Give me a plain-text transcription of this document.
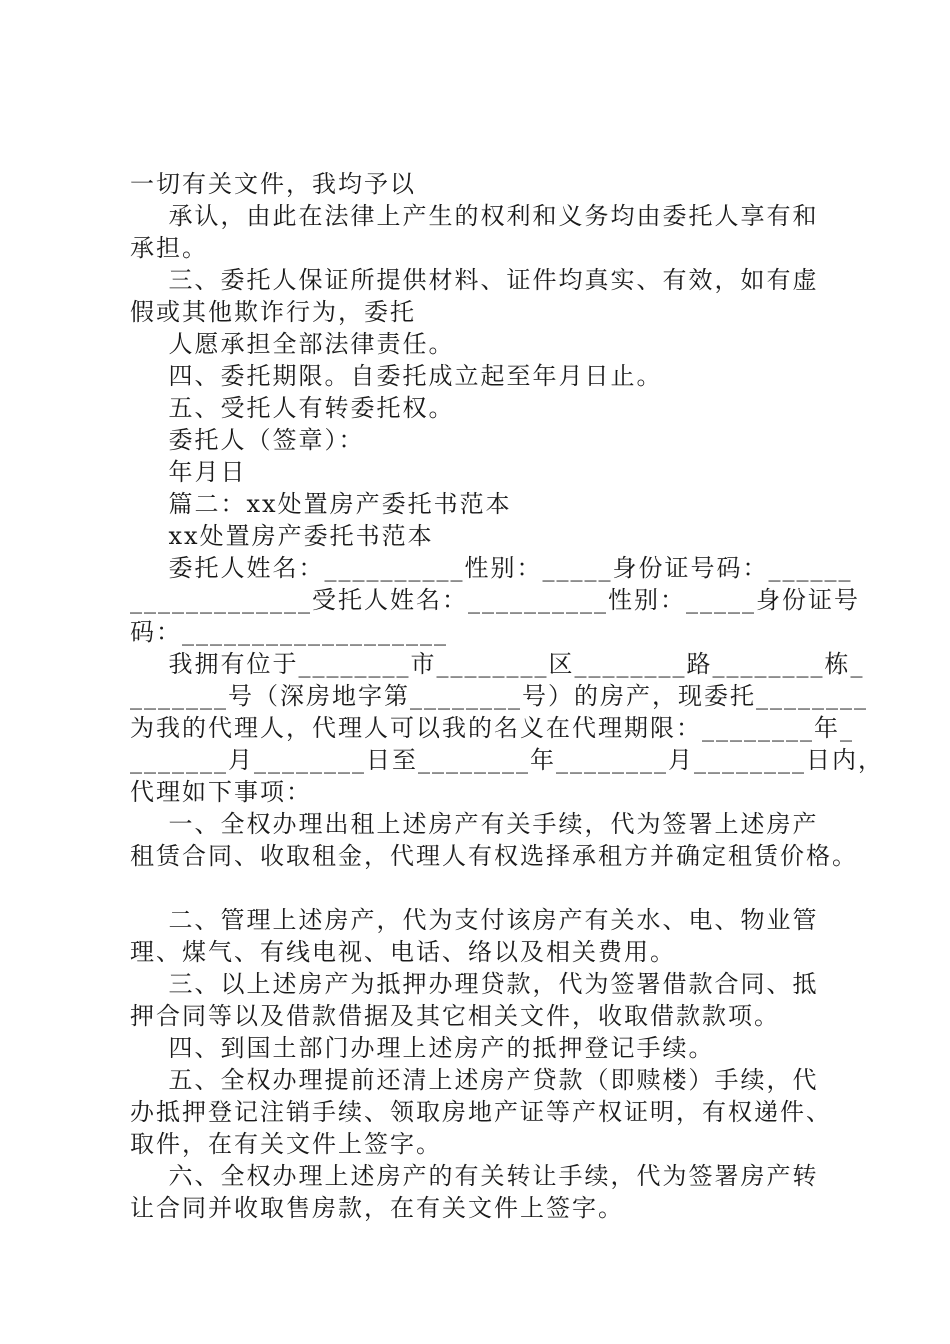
一切有关文件，我均予以

承认，由此在法律上产生的权利和义务均由委托人享有和

承担。

三、委托人保证所提供材料、证件均真实、有效，如有虚

假或其他欺诈行为，委托

人愿承担全部法律责任。

四、委托期限。自委托成立起至年月日止。

五、受托人有转委托权。

委托人（签章）：

年月日

篇二：xx处置房产委托书范本

xx处置房产委托书范本

委托人姓名：__________性别：_____身份证号码：______

_____________受托人姓名：__________性别：_____身份证号

码：___________________

我拥有位于________市________区________路________栋_

_______号（深房地字第________号）的房产，现委托________

为我的代理人，代理人可以我的名义在代理期限：________年_

_______月________日至________年________月________日内，

代理如下事项：

一、全权办理出租上述房产有关手续，代为签署上述房产

租赁合同、收取租金，代理人有权选择承租方并确定租赁价格。

二、管理上述房产，代为支付该房产有关水、电、物业管

理、煤气、有线电视、电话、络以及相关费用。

三、以上述房产为抵押办理贷款，代为签署借款合同、抵

押合同等以及借款借据及其它相关文件，收取借款款项。

四、到国土部门办理上述房产的抵押登记手续。

五、全权办理提前还清上述房产贷款（即赎楼）手续，代

办抵押登记注销手续、领取房地产证等产权证明，有权递件、

取件，在有关文件上签字。

六、全权办理上述房产的有关转让手续，代为签署房产转

让合同并收取售房款，在有关文件上签字。
